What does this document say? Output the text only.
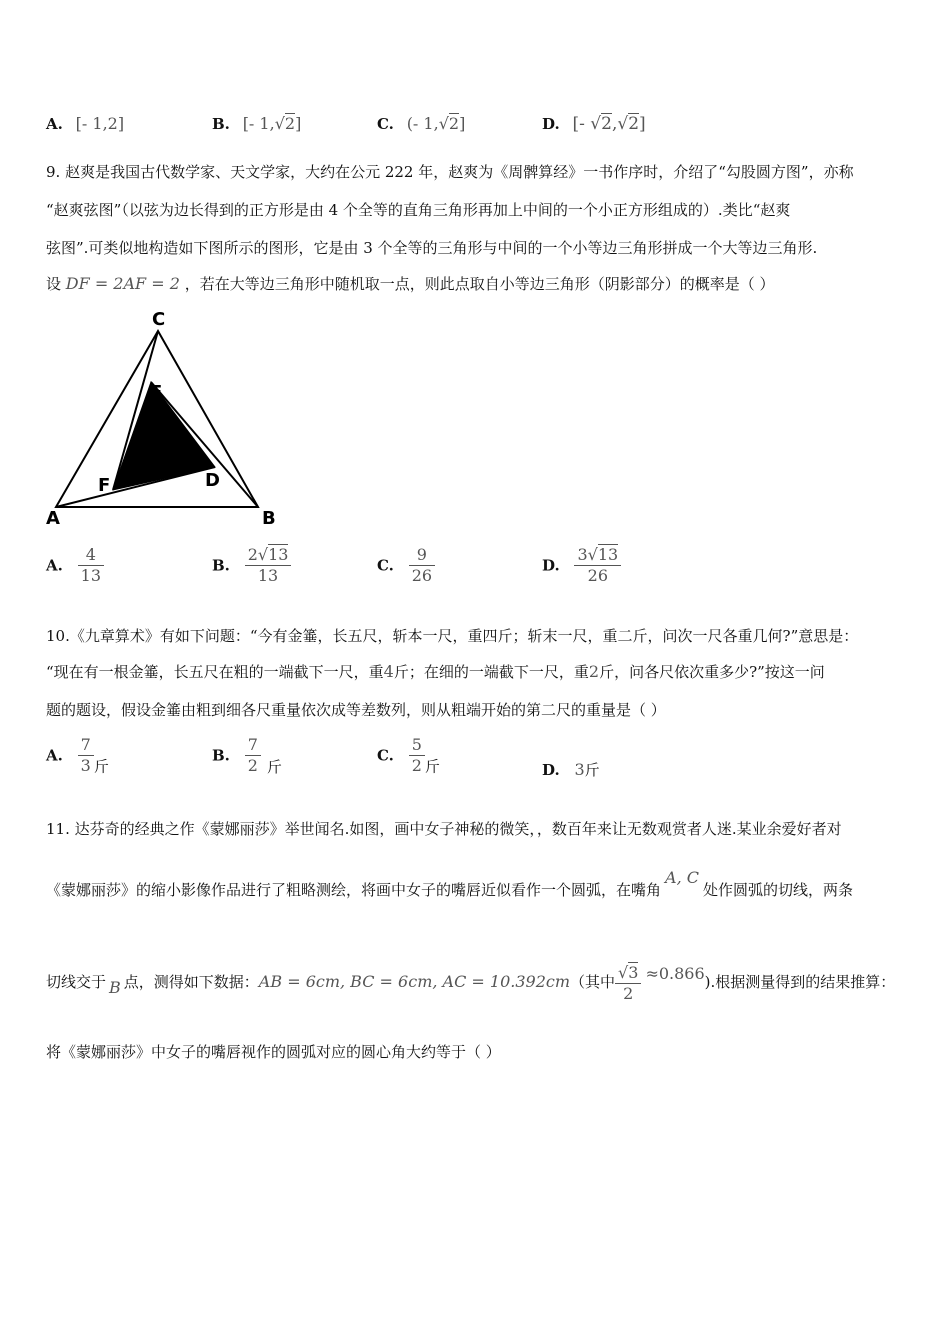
A. [- 1,2]	B. [- 1,√2]	C. (- 1,√2]	D. [- √2,√2]
9. 赵爽是我国古代数学家、天文学家，大约在公元 222 年，赵爽为《周髀算经》一书作序时，介绍了“勾股圆方图”，亦称
“赵爽弦图”（以弦为边长得到的正方形是由 4 个全等的直角三角形再加上中间的一个小正方形组成的）.类比“赵爽
弦图”.可类似地构造如下图所示的图形，它是由 3 个全等的三角形与中间的一个小等边三角形拼成一个大等边三角形.
设 DF = 2AF = 2 ，若在大等边三角形中随机取一点，则此点取自小等边三角形（阴影部分）的概率是（ ）
C
E
F	D
A	B
A. $\frac{4}{13}$	B. $\frac{2√13}{13}$	C. $\frac{9}{26}$	D. $\frac{3√13}{26}$
10.《九章算术》有如下问题：“今有金箠，长五尺，斩本一尺，重四斤；斩末一尺，重二斤，问次一尺各重几何?”意思是：
“现在有一根金箠，长五尺在粗的一端截下一尺，重4斤；在细的一端截下一尺，重2斤，问各尺依次重多少?”按这一问
题的题设，假设金箠由粗到细各尺重量依次成等差数列，则从粗端开始的第二尺的重量是（ ）
A. $\frac{7}{3}$ 斤
B. $\frac{7}{2}$ 斤
C. $\frac{5}{2}$ 斤	D. 3斤
11. 达芬奇的经典之作《蒙娜丽莎》举世闻名.如图，画中女子神秘的微笑，，数百年来让无数观赏者人迷.某业余爱好者对
《蒙娜丽莎》的缩小影像作品进行了粗略测绘，将画中女子的嘴唇近似看作一个圆弧，在嘴角A, C处作圆弧的切线，两条
切线交于 B 点，测得如下数据：AB = 6cm, BC = 6cm, AC = 10.392cm（其中 $\frac{√3}{2} \approx 0.866$).根据测量得到的结果推算：
将《蒙娜丽莎》中女子的嘴唇视作的圆弧对应的圆心角大约等于（ ）
